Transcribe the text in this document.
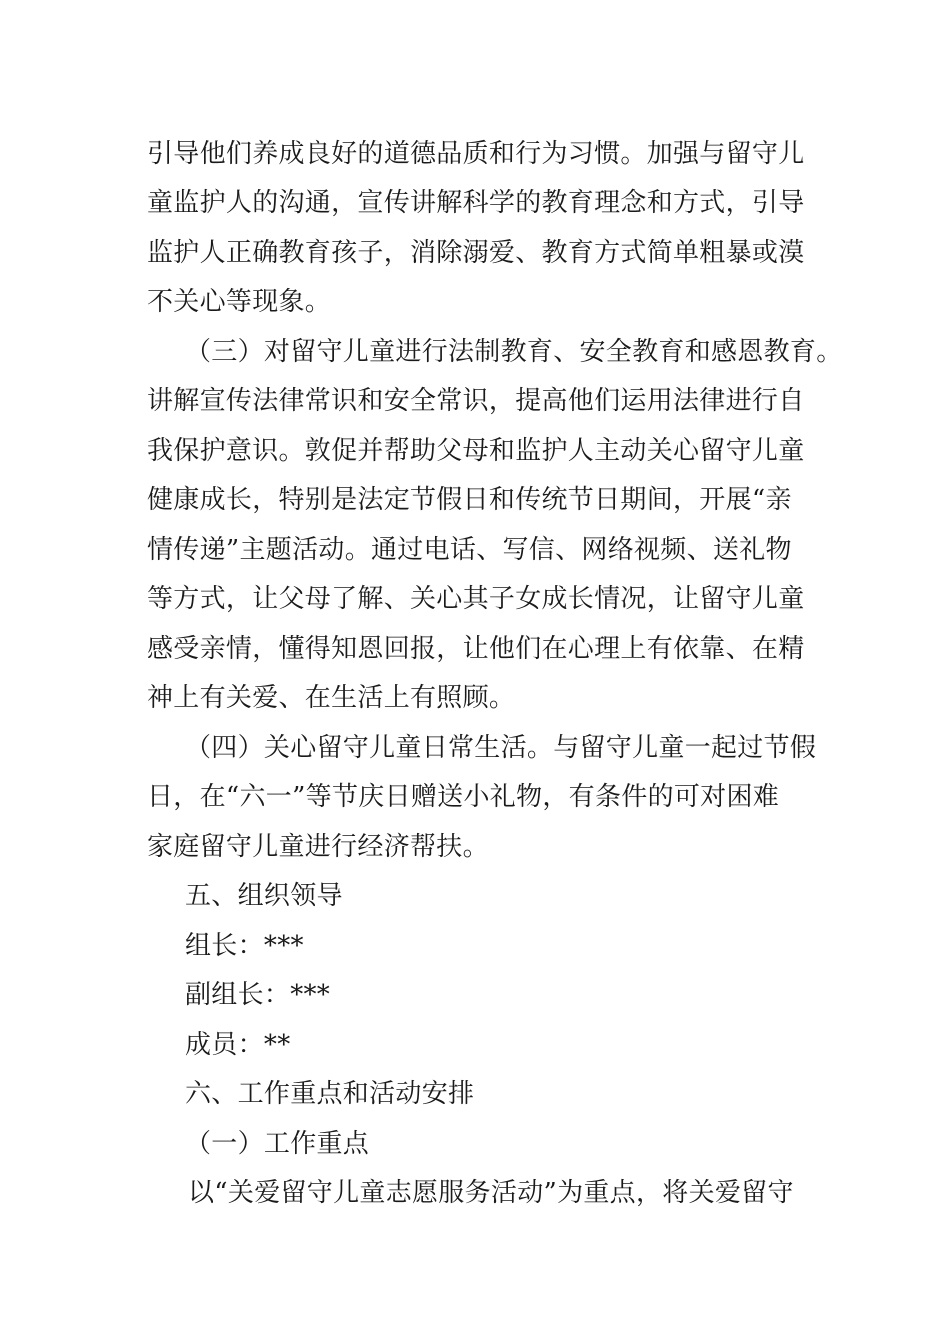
引导他们养成良好的道德品质和行为习惯。加强与留守儿
童监护人的沟通，宣传讲解科学的教育理念和方式，引导
监护人正确教育孩子，消除溺爱、教育方式简单粗暴或漠
不关心等现象。
（三）对留守儿童进行法制教育、安全教育和感恩教育。
讲解宣传法律常识和安全常识，提高他们运用法律进行自
我保护意识。敦促并帮助父母和监护人主动关心留守儿童
健康成长，特别是法定节假日和传统节日期间，开展“亲
情传递”主题活动。通过电话、写信、网络视频、送礼物
等方式，让父母了解、关心其子女成长情况，让留守儿童
感受亲情，懂得知恩回报，让他们在心理上有依靠、在精
神上有关爱、在生活上有照顾。
（四）关心留守儿童日常生活。与留守儿童一起过节假
日，在“六一”等节庆日赠送小礼物，有条件的可对困难
家庭留守儿童进行经济帮扶。
五、组织领导
组长：***
副组长：***
成员：**
六、工作重点和活动安排
（一）工作重点
以“关爱留守儿童志愿服务活动”为重点，将关爱留守
